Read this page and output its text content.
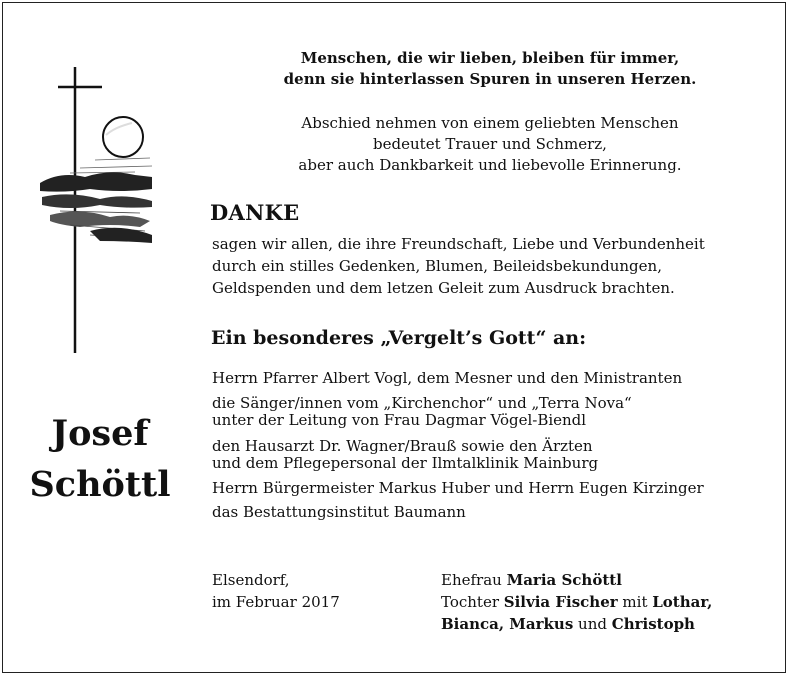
Menschen, die wir lieben, bleiben für immer,
denn sie hinterlassen Spuren in unseren Herzen.
Abschied nehmen von einem geliebten Menschen
bedeutet Trauer und Schmerz,
aber auch Dankbarkeit und liebevolle Erinnerung.
DANKE
sagen wir allen, die ihre Freundschaft, Liebe und Verbundenheit
durch ein stilles Gedenken, Blumen, Beileidsbekundungen,
Geldspenden und dem letzen Geleit zum Ausdruck brachten.
Ein besonderes „Vergelt’s Gott“ an:
Herrn Pfarrer Albert Vogl, dem Mesner und den Ministranten
die Sänger/innen vom „Kirchenchor“ und „Terra Nova“
unter der Leitung von Frau Dagmar Vögel-Biendl
den Hausarzt Dr. Wagner/Brauß sowie den Ärzten
und dem Pflegepersonal der Ilmtalklinik Mainburg
Herrn Bürgermeister Markus Huber und Herrn Eugen Kirzinger
das Bestattungsinstitut Baumann
Josef
Schöttl
Elsendorf,
im Februar 2017
Ehefrau Maria Schöttl
Tochter Silvia Fischer mit Lothar,
Bianca, Markus und Christoph
